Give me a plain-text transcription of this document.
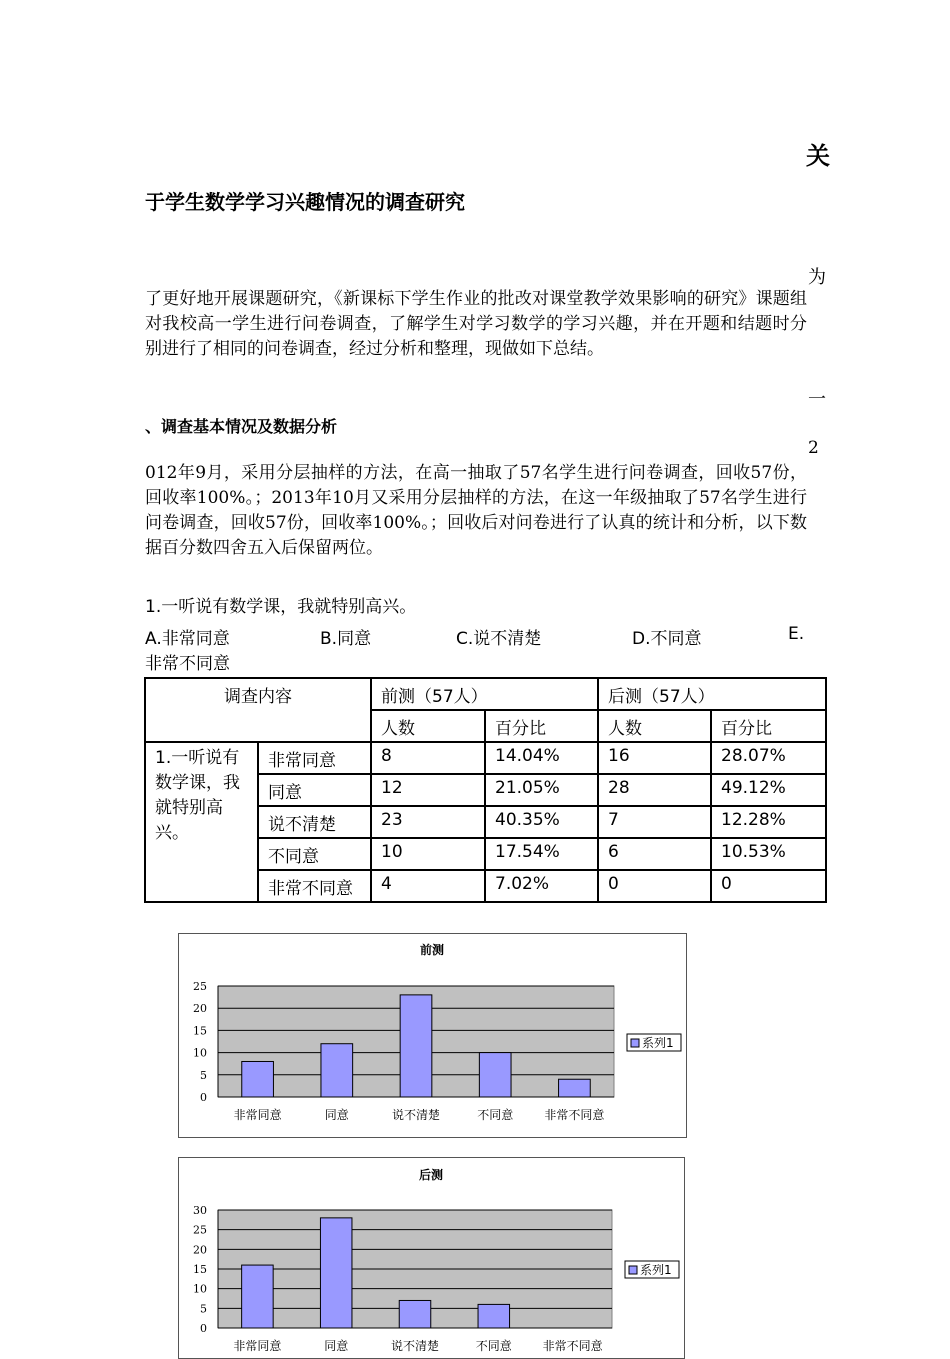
关
于学生数学学习兴趣情况的调查研究
为
了更好地开展课题研究，《新课标下学生作业的批改对课堂教学效果影响的研究》课题组对我校高一学生进行问卷调查，了解学生对学习数学的学习兴趣，并在开题和结题时分别进行了相同的问卷调查，经过分析和整理，现做如下总结。
一
、调查基本情况及数据分析
2
012年9月，采用分层抽样的方法，在高一抽取了57名学生进行问卷调查，回收57份，回收率100%。；2013年10月又采用分层抽样的方法，在这一年级抽取了57名学生进行问卷调查，回收57份，回收率100%。；回收后对问卷进行了认真的统计和分析，以下数据百分数四舍五入后保留两位。
1.一听说有数学课，我就特别高兴。
A.非常同意	B.同意	C.说不清楚	D.不同意	E.
非常不同意
调查内容		前测（57人）		后测（57人）	
		人数	百分比	人数	百分比
1.一听说有数学课，我就特别高兴。	非常同意	8	14.04%	16	28.07%
	同意	12	21.05%	28	49.12%
	说不清楚	23	40.35%	7	12.28%
	不同意	10	17.54%	6	10.53%
	非常不同意	4	7.02%	0	0
前测
0
5
10
15
20
25
非常同意	同意	说不清楚	不同意	非常不同意
系列1
后测
0
5
10
15
20
25
30
非常同意	同意	说不清楚	不同意	非常不同意
系列1
